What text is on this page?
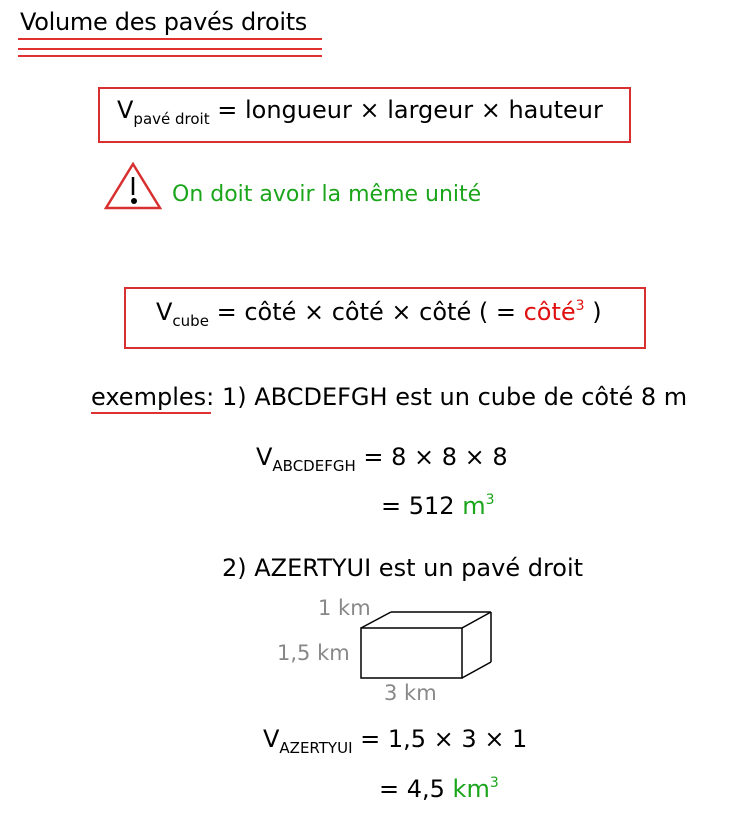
Volume des pavés droits
$V_{pavé droit}$ = longueur × largeur × hauteur
On doit avoir la même unité
$V_{cube}$ = côté × côté × côté ( = côté$^3$ )
exemples: 1) ABCDEFGH est un cube de côté 8 m
$V_{ABCDEFGH} = 8 \times 8 \times 8$
= 512 $m^3$
2) AZERTYUI est un pavé droit
1 km
1,5 km
3 km
$V_{AZERTYUI} = 1,5 \times 3 \times 1$
= 4,5 $km^3$
